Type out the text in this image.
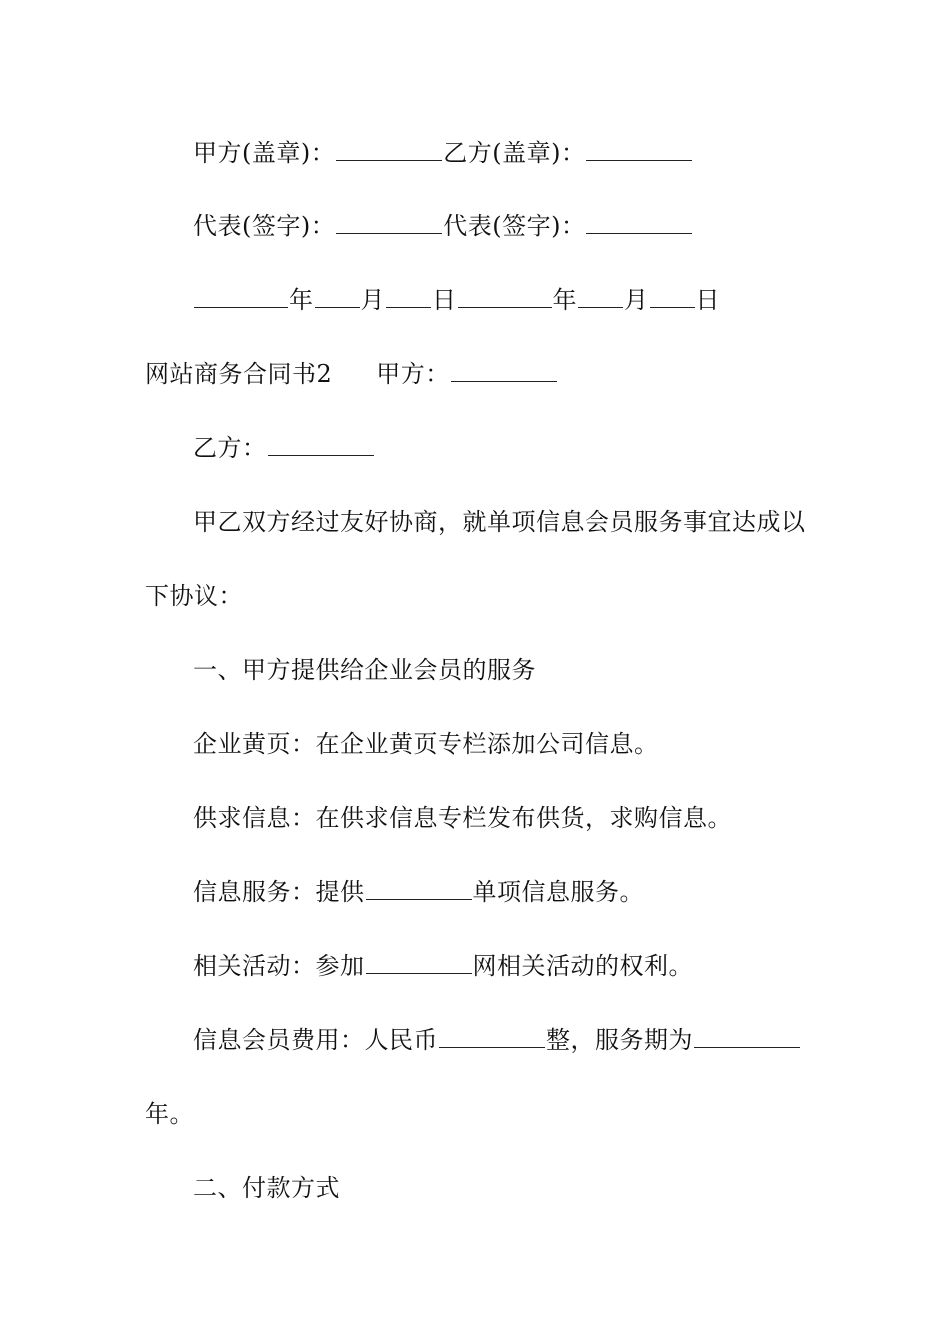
甲方(盖章)：	乙方(盖章)：
代表(签字)：	代表(签字)：
年 月 日	年 月 日
网站商务合同书2 甲方：
乙方：
甲乙双方经过友好协商，就单项信息会员服务事宜达成以
下协议：
一、甲方提供给企业会员的服务
企业黄页：在企业黄页专栏添加公司信息。
供求信息：在供求信息专栏发布供货，求购信息。
信息服务：提供	单项信息服务。
相关活动：参加	网相关活动的权利。
信息会员费用：人民币	整，服务期为
年。
二、付款方式
